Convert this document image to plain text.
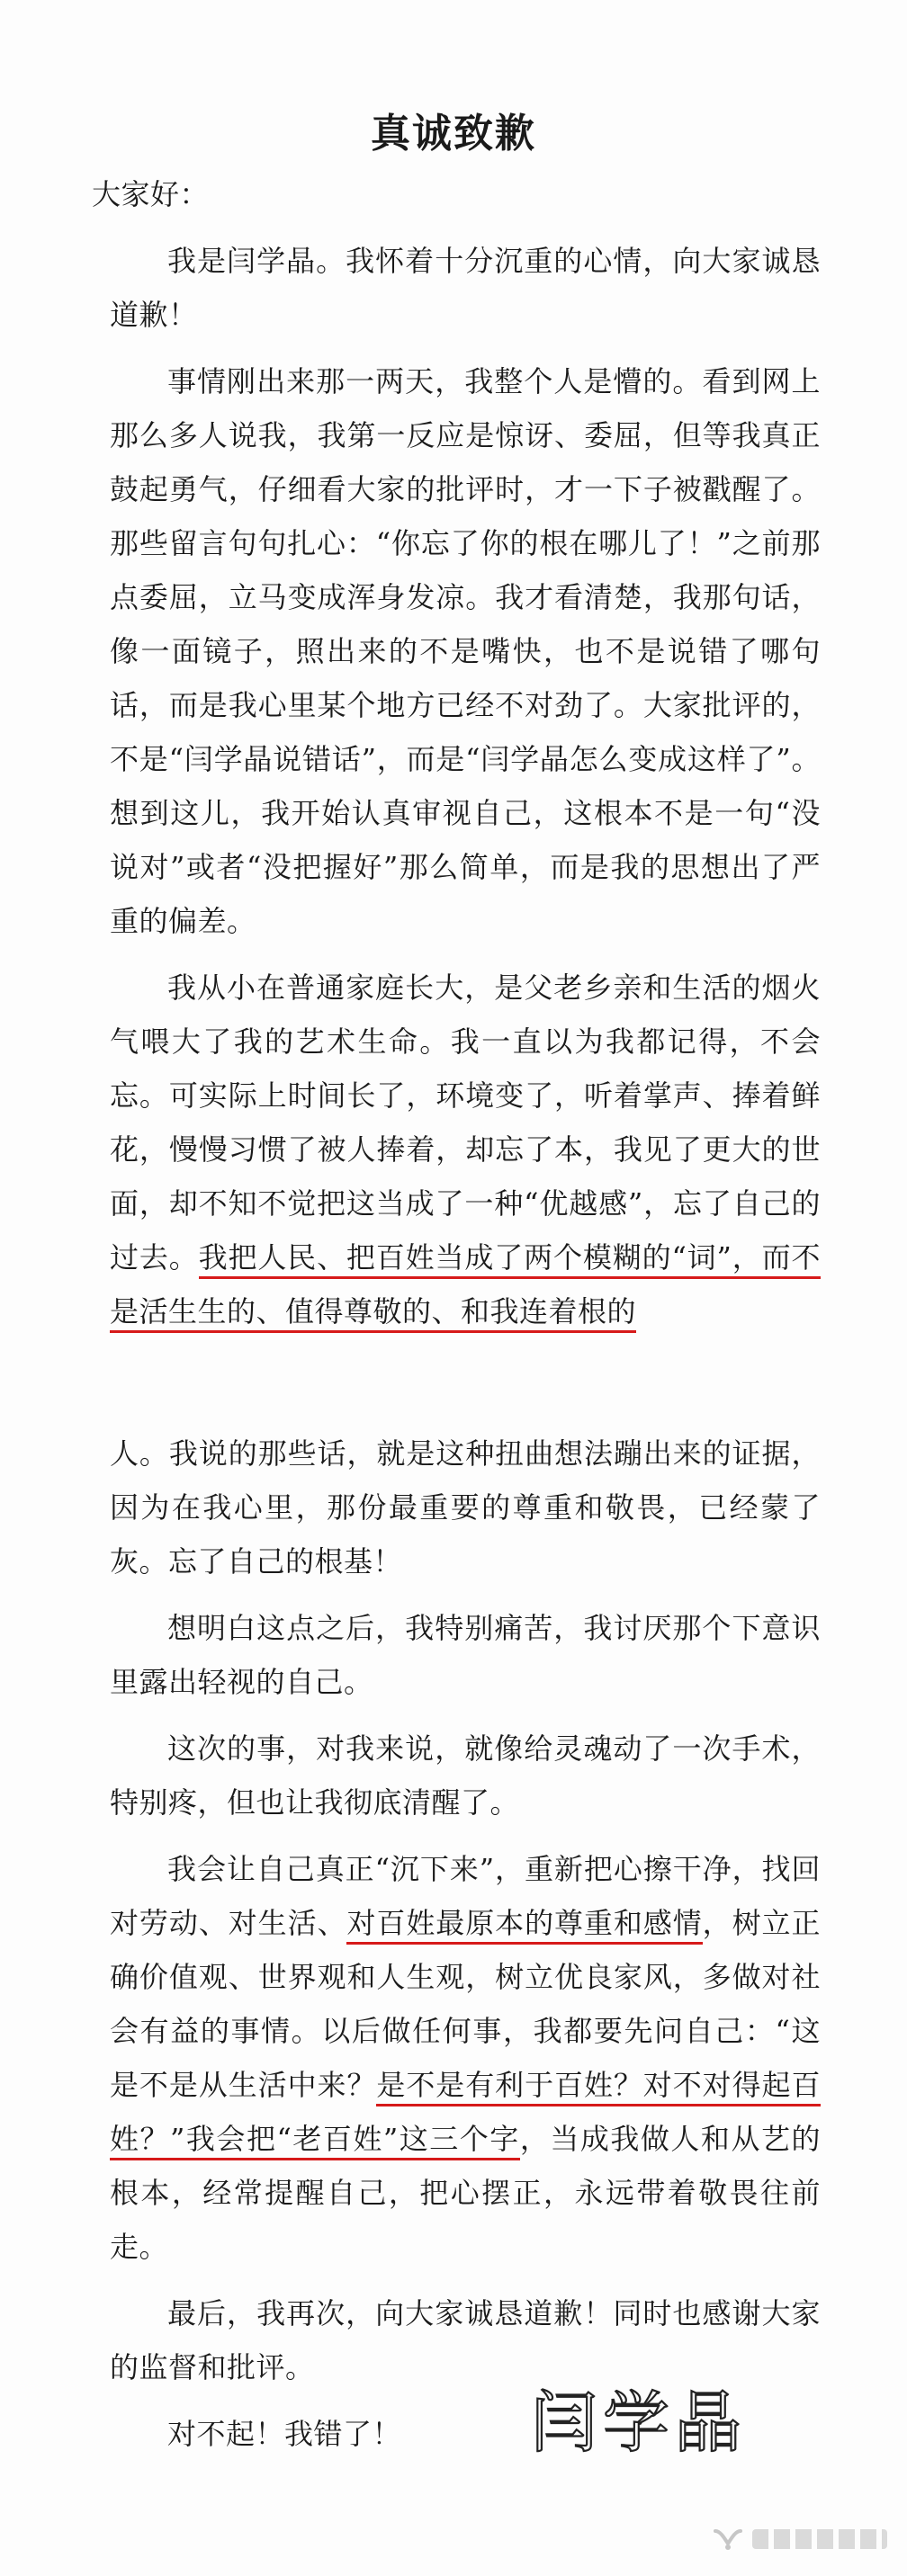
真诚致歉

大家好：

我是闫学晶。我怀着十分沉重的心情，向大家诚恳道歉！

事情刚出来那一两天，我整个人是懵的。看到网上那么多人说我，我第一反应是惊讶、委屈，但等我真正鼓起勇气，仔细看大家的批评时，才一下子被戳醒了。那些留言句句扎心：“你忘了你的根在哪儿了！”之前那点委屈，立马变成浑身发凉。我才看清楚，我那句话，像一面镜子，照出来的不是嘴快，也不是说错了哪句话，而是我心里某个地方已经不对劲了。大家批评的，不是“闫学晶说错话”，而是“闫学晶怎么变成这样了”。想到这儿，我开始认真审视自己，这根本不是一句“没说对”或者“没把握好”那么简单，而是我的思想出了严重的偏差。

我从小在普通家庭长大，是父老乡亲和生活的烟火气喂大了我的艺术生命。我一直以为我都记得，不会忘。可实际上时间长了，环境变了，听着掌声、捧着鲜花，慢慢习惯了被人捧着，却忘了本，我见了更大的世面，却不知不觉把这当成了一种“优越感”，忘了自己的过去。我把人民、把百姓当成了两个模糊的“词”，而不是活生生的、值得尊敬的、和我连着根的

人。我说的那些话，就是这种扭曲想法蹦出来的证据，因为在我心里，那份最重要的尊重和敬畏，已经蒙了灰。忘了自己的根基！

想明白这点之后，我特别痛苦，我讨厌那个下意识里露出轻视的自己。

这次的事，对我来说，就像给灵魂动了一次手术，特别疼，但也让我彻底清醒了。

我会让自己真正“沉下来”，重新把心擦干净，找回对劳动、对生活、对百姓最原本的尊重和感情，树立正确价值观、世界观和人生观，树立优良家风，多做对社会有益的事情。以后做任何事，我都要先问自己：“这是不是从生活中来？是不是有利于百姓？对不对得起百姓？”我会把“老百姓”这三个字，当成我做人和从艺的根本，经常提醒自己，把心摆正，永远带着敬畏往前走。

最后，我再次，向大家诚恳道歉！同时也感谢大家的监督和批评。

对不起！我错了！	闫学晶
